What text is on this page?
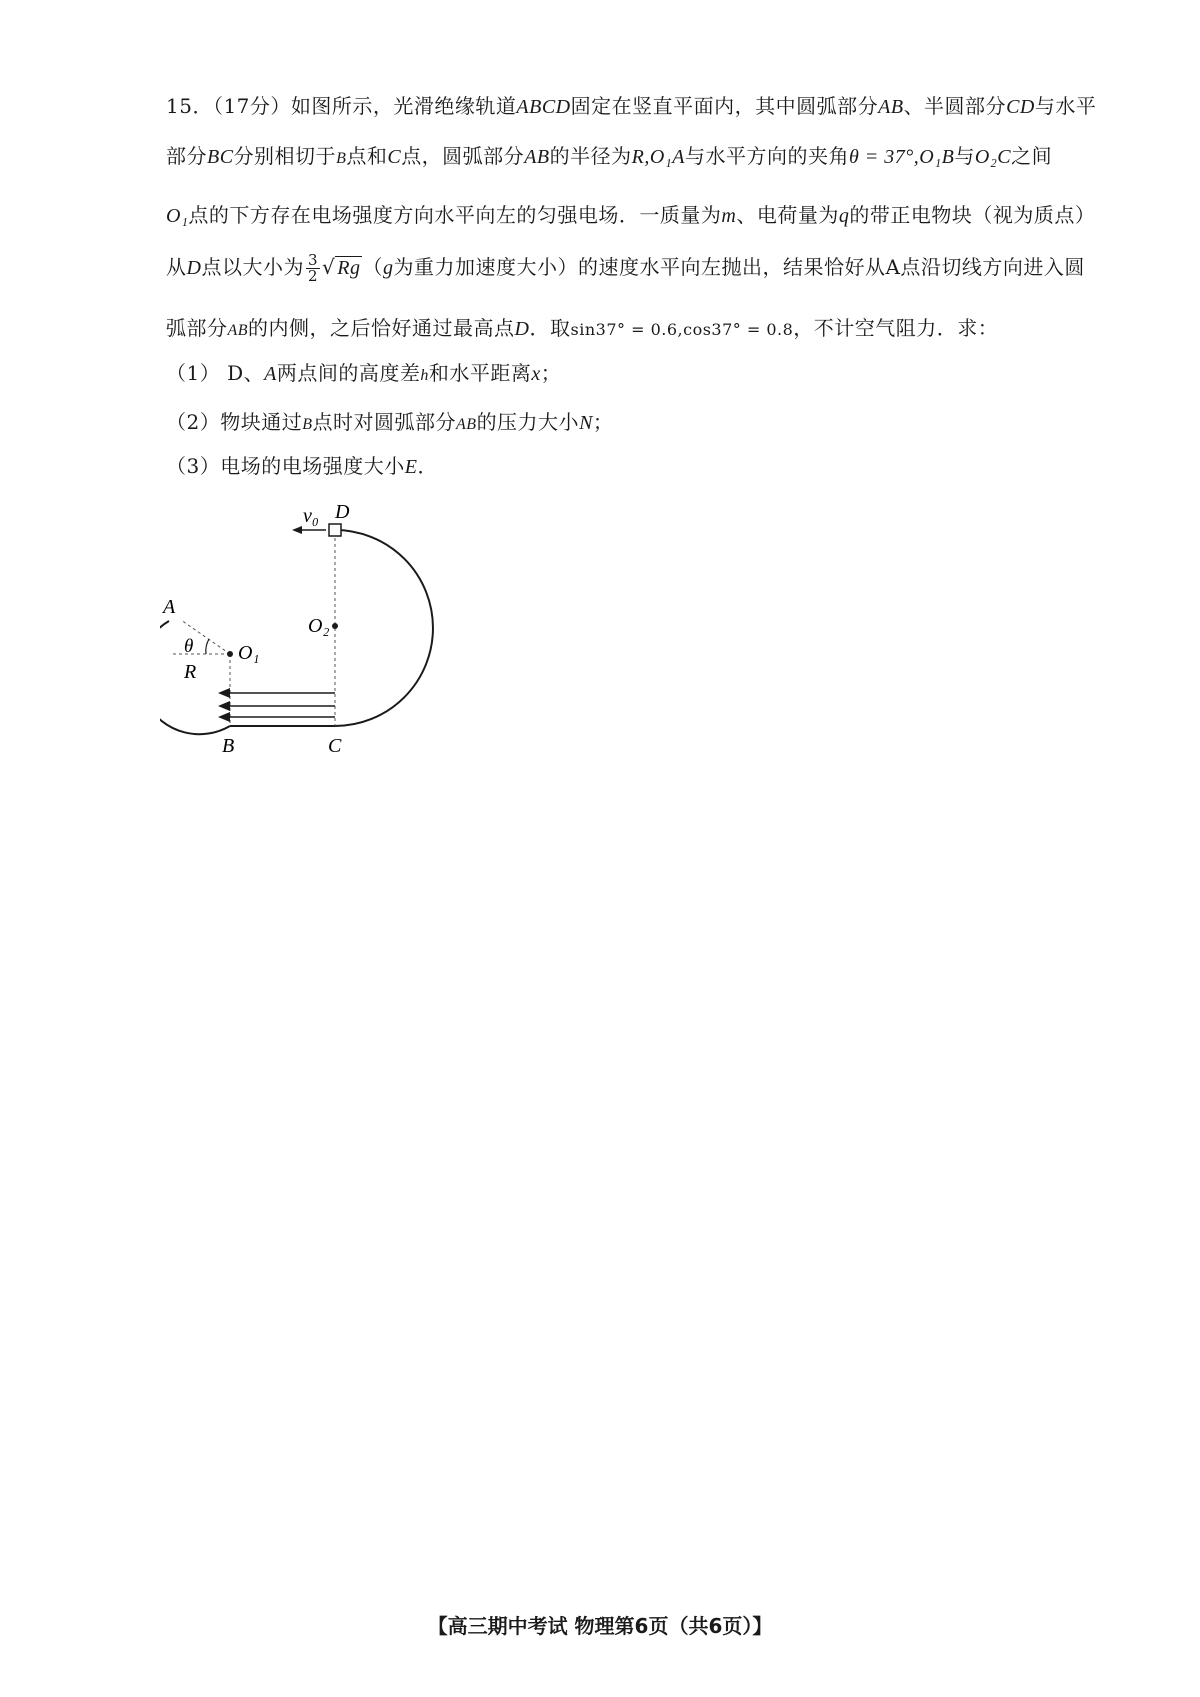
15．（17分）如图所示，光滑绝缘轨道ABCD固定在竖直平面内，其中圆弧部分AB、半圆部分CD与水平
部分BC分别相切于B点和C点，圆弧部分AB的半径为R,O₁A与水平方向的夹角θ = 37°,O₁B与O₂C之间
O₁点的下方存在电场强度方向水平向左的匀强电场．一质量为m、电荷量为q的带正电物块（视为质点）
从D点以大小为 $\frac{3}{2}$ √ Rg （g为重力加速度大小）的速度水平向左抛出，结果恰好从A点沿切线方向进入圆
弧部分AB的内侧，之后恰好通过最高点D．取sin37° = 0.6,cos37° = 0.8，不计空气阻力．求：
（1） D、A两点间的高度差h和水平距离x；
（2）物块通过B点时对圆弧部分AB的压力大小N；
（3）电场的电场强度大小E．
D
v₀
O₂
A
θ O₁
R
B	C
【高三期中考试 物理第6页（共6页）】
